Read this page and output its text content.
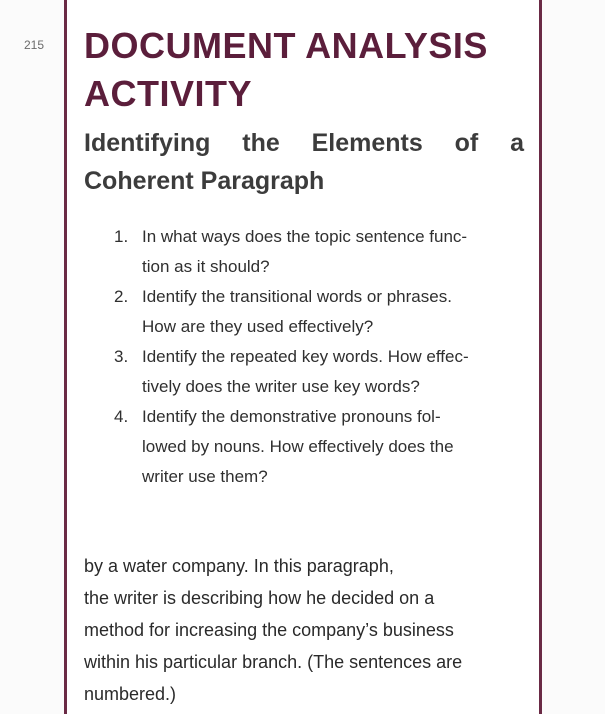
215 DOCUMENT ANALYSIS ACTIVITY
Identifying the Elements of a Coherent Paragraph
1. In what ways does the topic sentence func-
tion as it should?
2. Identify the transitional words or phrases.
How are they used effectively?
3. Identify the repeated key words. How effec-
tively does the writer use key words?
4. Identify the demonstrative pronouns fol-
lowed by nouns. How effectively does the
writer use them?

by a water company. In this paragraph,
the writer is describing how he decided on a
method for increasing the company’s business
within his particular branch. (The sentences are
numbered.)
